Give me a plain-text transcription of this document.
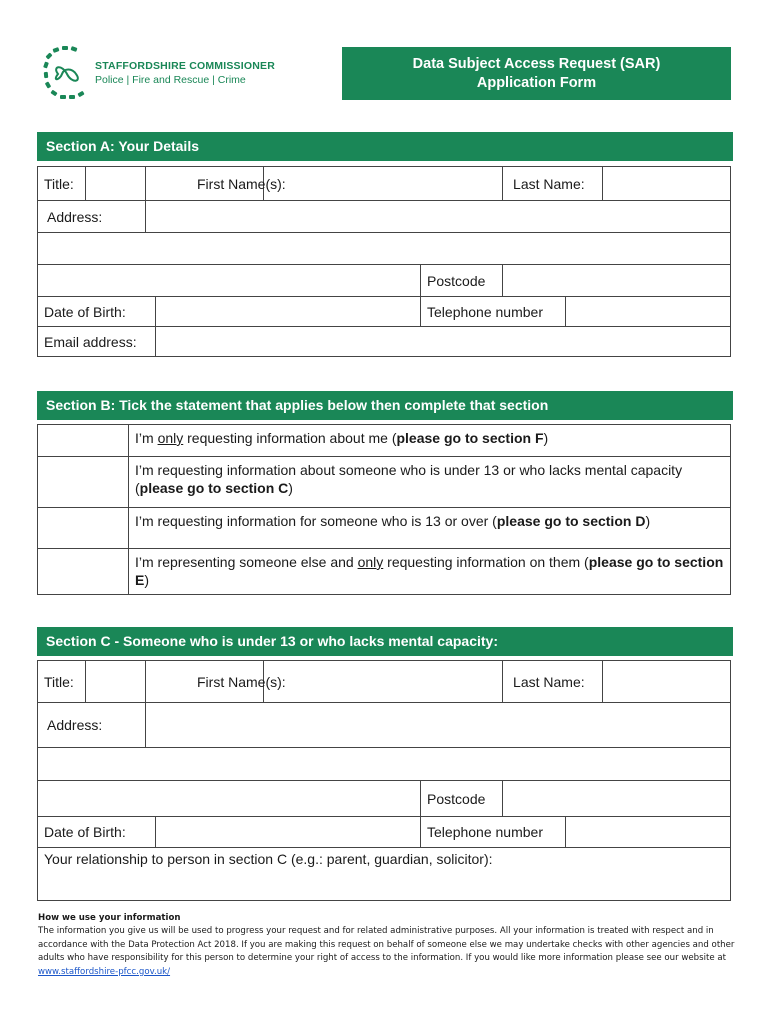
STAFFORDSHIRE COMMISSIONER
Police | Fire and Rescue | Crime
Data Subject Access Request (SAR)
Application Form
Section A: Your Details
Title:		First Name(s):				Last Name:		
Address:								

					Postcode			
Date of Birth:					Telephone number			
Email address:								
Section B: Tick the statement that applies below then complete that section
	I’m only requesting information about me (please go to section F)
	I’m requesting information about someone who is under 13 or who lacks mental capacity (please go to section C)
	I’m requesting information for someone who is 13 or over (please go to section D)
	I’m representing someone else and only requesting information on them (please go to section E)
Section C - Someone who is under 13 or who lacks mental capacity:
Title:		First Name(s):				Last Name:		
Address:								

					Postcode			
Date of Birth:					Telephone number			
Your relationship to person in section C (e.g.: parent, guardian, solicitor):								
How we use your information
The information you give us will be used to progress your request and for related administrative purposes. All your information is treated with respect and in accordance with the Data Protection Act 2018. If you are making this request on behalf of someone else we may undertake checks with other agencies and other adults who have responsibility for this person to determine your right of access to the information. If you would like more information please see our website at www.staffordshire-pfcc.gov.uk/
